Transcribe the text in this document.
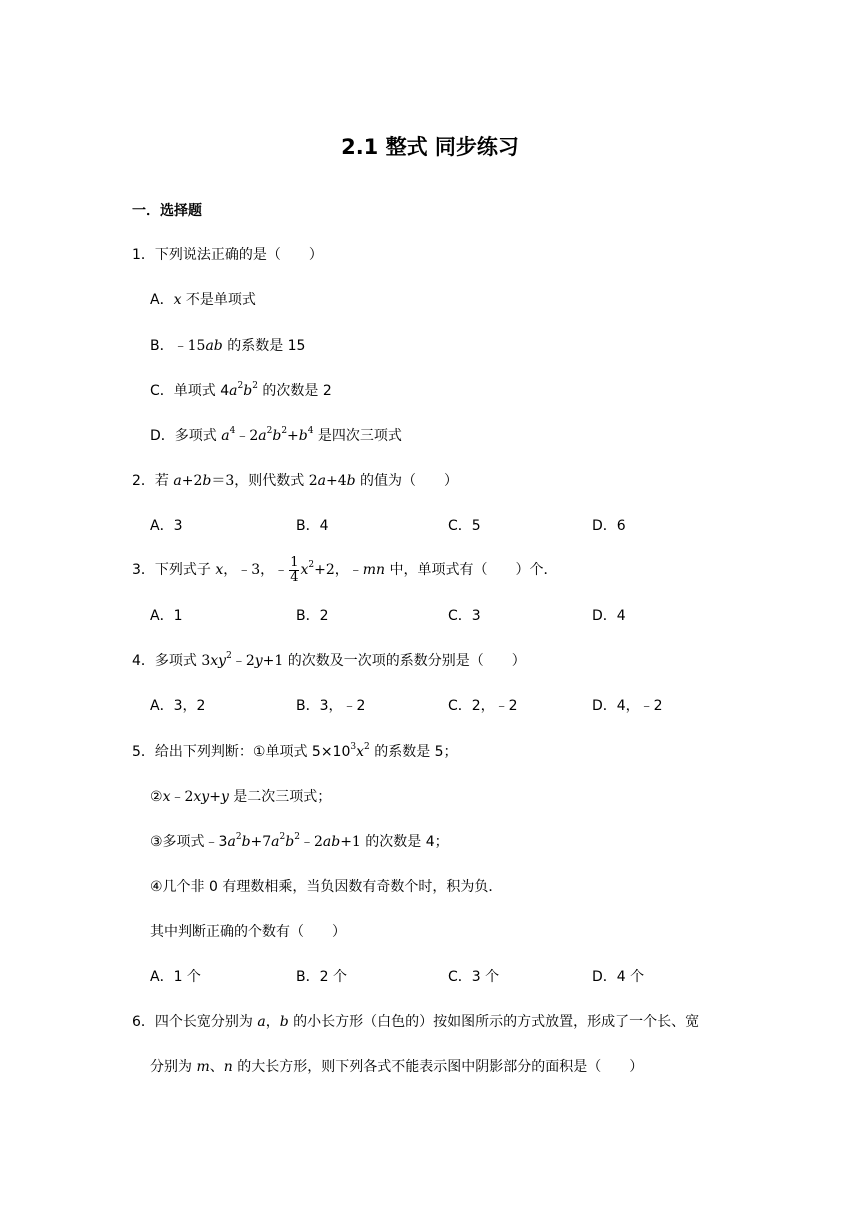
2.1 整式 同步练习
一．选择题
1．下列说法正确的是（　　）
A．x 不是单项式
B．﹣15ab 的系数是 15
C．单项式 $4a^2b^2$ 的次数是 2
D．多项式 $a^4﹣2a^2b^2+b^4$ 是四次三项式
2．若 a+2b＝3，则代数式 2a+4b 的值为（　　）
A．3	B．4	C．5	D．6
3．下列式子 x，﹣3，﹣ $\frac{1}{4} x^2+2$，﹣mn 中，单项式有（　　）个．
A．1	B．2	C．3	D．4
4．多项式 $3xy^2﹣2y+1$ 的次数及一次项的系数分别是（　　）
A．3，2	B．3，﹣2	C．2，﹣2	D．4，﹣2
5．给出下列判断：①单项式 $5\times 10^3x^2$ 的系数是 5；
②x﹣2xy+y 是二次三项式；
③多项式$﹣3a^2b+7a^2b^2﹣2ab+1$ 的次数是 4；
④几个非 0 有理数相乘，当负因数有奇数个时，积为负．
其中判断正确的个数有（　　）
A．1 个	B．2 个	C．3 个	D．4 个
6．四个长宽分别为 a，b 的小长方形（白色的）按如图所示的方式放置，形成了一个长、宽
分别为 m、n 的大长方形，则下列各式不能表示图中阴影部分的面积是（　　）
